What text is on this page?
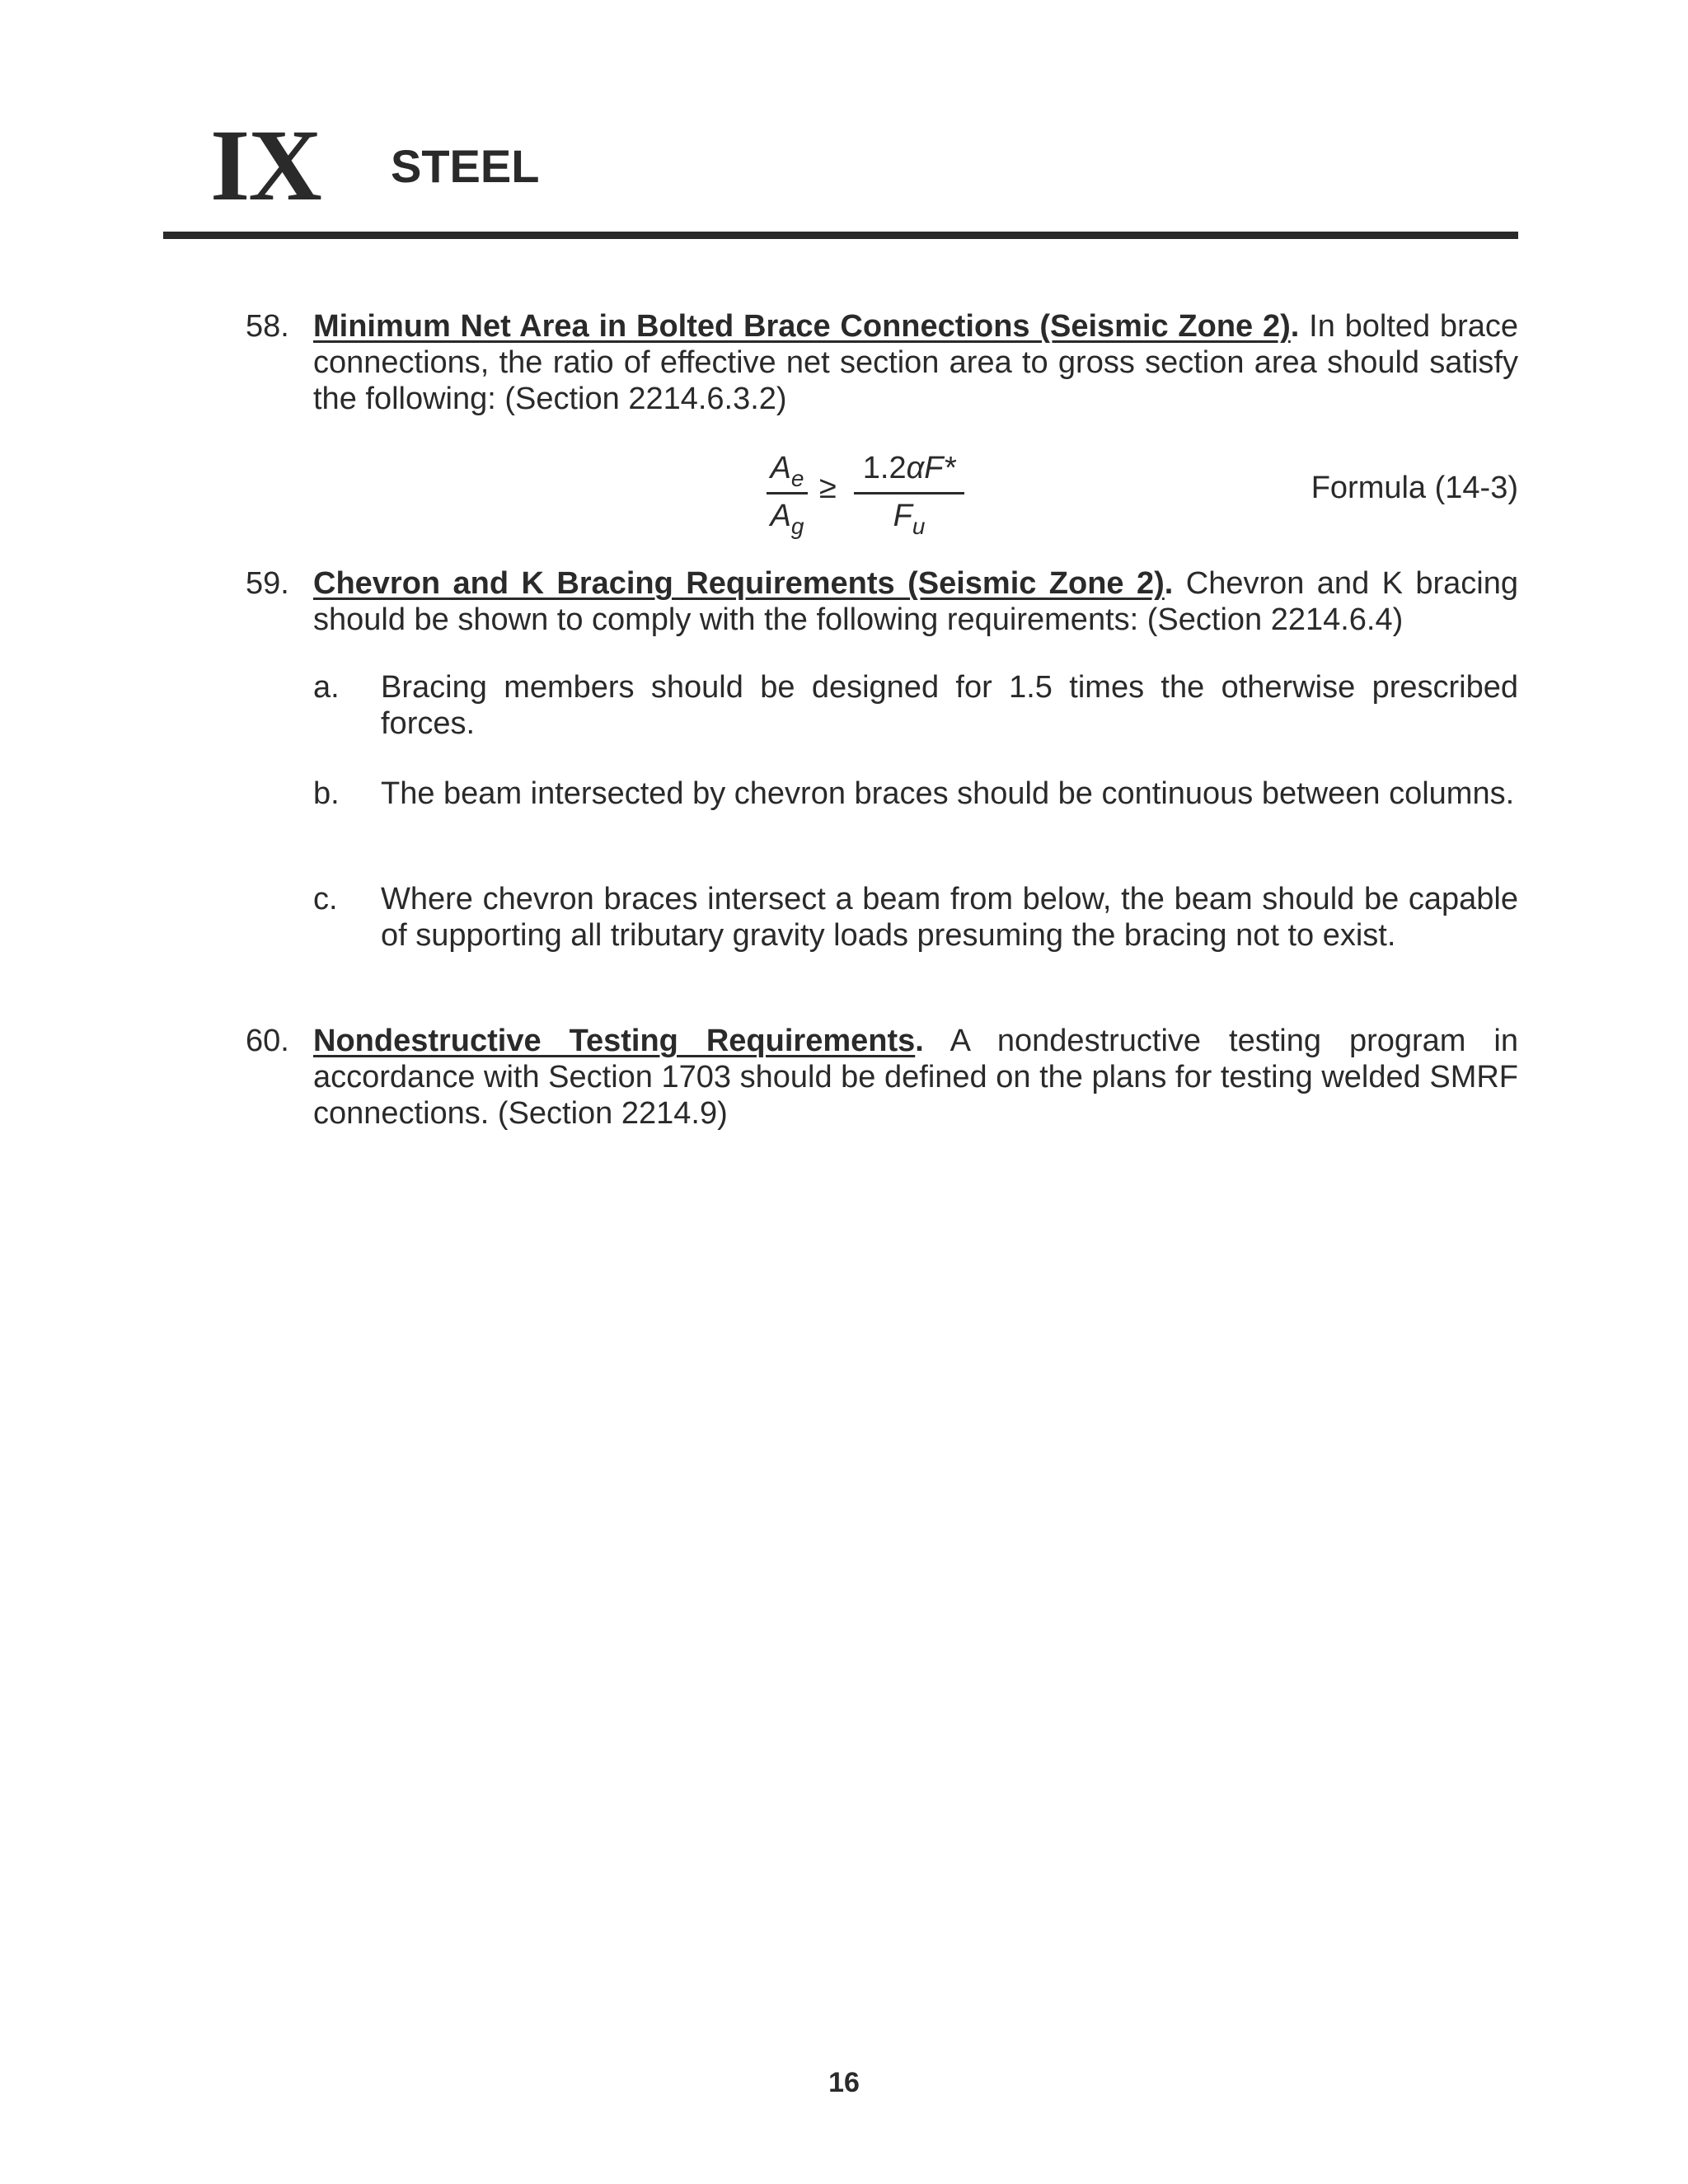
IX STEEL
58. Minimum Net Area in Bolted Brace Connections (Seismic Zone 2). In bolted brace connections, the ratio of effective net section area to gross section area should satisfy the following: (Section 2214.6.3.2)
$A_e$
$A_g$
≥
1.2αF*
$F_u$
Formula (14-3)
59. Chevron and K Bracing Requirements (Seismic Zone 2). Chevron and K bracing should be shown to comply with the following requirements: (Section 2214.6.4)
a.	Bracing members should be designed for 1.5 times the otherwise prescribed forces.
b.	The beam intersected by chevron braces should be continuous between columns.
c.	Where chevron braces intersect a beam from below, the beam should be capable of supporting all tributary gravity loads presuming the bracing not to exist.
60. Nondestructive Testing Requirements. A nondestructive testing program in accordance with Section 1703 should be defined on the plans for testing welded SMRF connections. (Section 2214.9)
16
